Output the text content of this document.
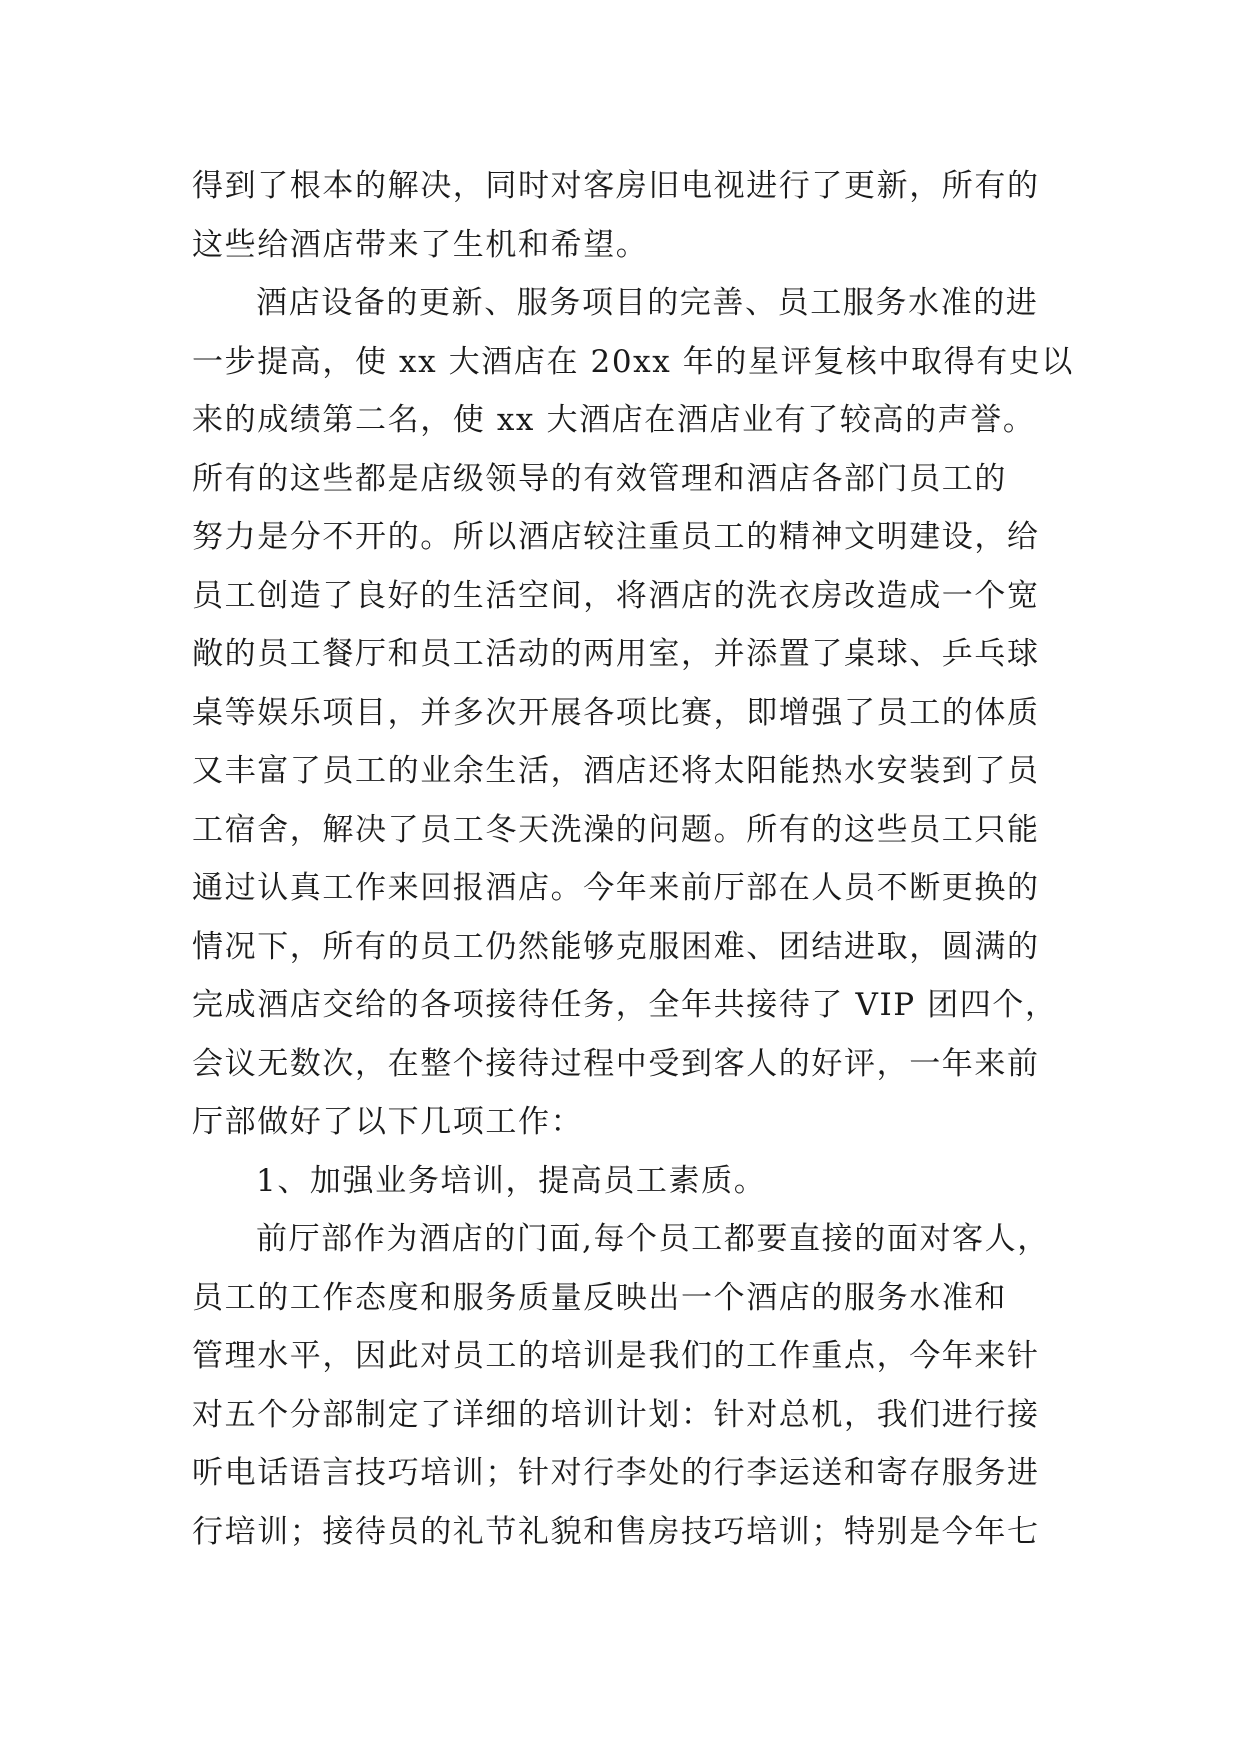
得到了根本的解决，同时对客房旧电视进行了更新，所有的
这些给酒店带来了生机和希望。
酒店设备的更新、服务项目的完善、员工服务水准的进
一步提高，使 xx 大酒店在 20xx 年的星评复核中取得有史以
来的成绩第二名，使 xx 大酒店在酒店业有了较高的声誉。
所有的这些都是店级领导的有效管理和酒店各部门员工的
努力是分不开的。所以酒店较注重员工的精神文明建设，给
员工创造了良好的生活空间，将酒店的洗衣房改造成一个宽
敞的员工餐厅和员工活动的两用室，并添置了桌球、乒乓球
桌等娱乐项目，并多次开展各项比赛，即增强了员工的体质
又丰富了员工的业余生活，酒店还将太阳能热水安装到了员
工宿舍，解决了员工冬天洗澡的问题。所有的这些员工只能
通过认真工作来回报酒店。今年来前厅部在人员不断更换的
情况下，所有的员工仍然能够克服困难、团结进取，圆满的
完成酒店交给的各项接待任务，全年共接待了 VIP 团四个，
会议无数次，在整个接待过程中受到客人的好评，一年来前
厅部做好了以下几项工作：
1、加强业务培训，提高员工素质。
前厅部作为酒店的门面,每个员工都要直接的面对客人，
员工的工作态度和服务质量反映出一个酒店的服务水准和
管理水平，因此对员工的培训是我们的工作重点，今年来针
对五个分部制定了详细的培训计划：针对总机，我们进行接
听电话语言技巧培训；针对行李处的行李运送和寄存服务进
行培训；接待员的礼节礼貌和售房技巧培训；特别是今年七
